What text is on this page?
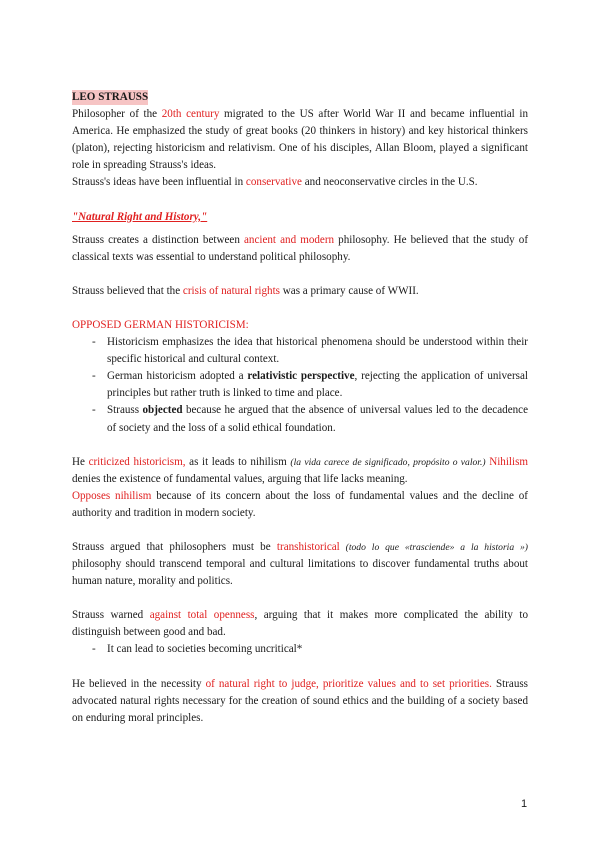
LEO STRAUSS

Philosopher of the 20th century migrated to the US after World War II and became influential in America. He emphasized the study of great books (20 thinkers in history) and key historical thinkers (platon), rejecting historicism and relativism. One of his disciples, Allan Bloom, played a significant role in spreading Strauss's ideas.

Strauss's ideas have been influential in conservative and neoconservative circles in the U.S.

"Natural Right and History,"

Strauss creates a distinction between ancient and modern philosophy. He believed that the study of classical texts was essential to understand political philosophy.

Strauss believed that the crisis of natural rights was a primary cause of WWII.

OPPOSED GERMAN HISTORICISM:

- Historicism emphasizes the idea that historical phenomena should be understood within their specific historical and cultural context.
- German historicism adopted a relativistic perspective, rejecting the application of universal principles but rather truth is linked to time and place.
- Strauss objected because he argued that the absence of universal values led to the decadence of society and the loss of a solid ethical foundation.

He criticized historicism, as it leads to nihilism (la vida carece de significado, propósito o valor.) Nihilism denies the existence of fundamental values, arguing that life lacks meaning.

Opposes nihilism because of its concern about the loss of fundamental values and the decline of authority and tradition in modern society.

Strauss argued that philosophers must be transhistorical (todo lo que «trasciende» a la historia ») philosophy should transcend temporal and cultural limitations to discover fundamental truths about human nature, morality and politics.

Strauss warned against total openness, arguing that it makes more complicated the ability to distinguish between good and bad.

- It can lead to societies becoming uncritical*

He believed in the necessity of natural right to judge, prioritize values and to set priorities. Strauss advocated natural rights necessary for the creation of sound ethics and the building of a society based on enduring moral principles.

1
